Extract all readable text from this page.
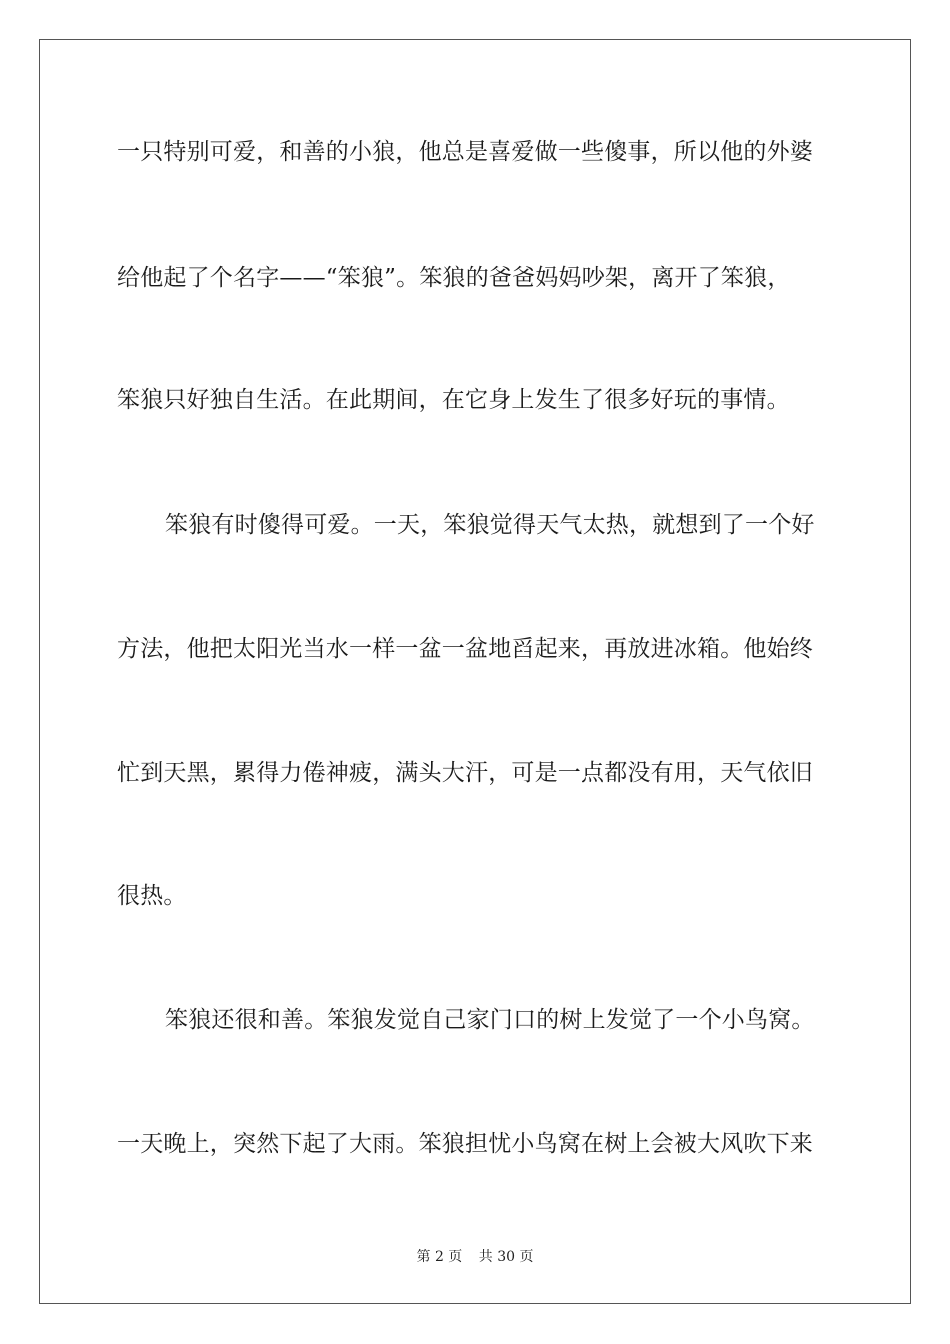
一只特别可爱，和善的小狼，他总是喜爱做一些傻事，所以他的外婆
给他起了个名字——“笨狼”。笨狼的爸爸妈妈吵架，离开了笨狼，
笨狼只好独自生活。在此期间，在它身上发生了很多好玩的事情。
笨狼有时傻得可爱。一天，笨狼觉得天气太热，就想到了一个好
方法，他把太阳光当水一样一盆一盆地舀起来，再放进冰箱。他始终
忙到天黑，累得力倦神疲，满头大汗，可是一点都没有用，天气依旧
很热。
笨狼还很和善。笨狼发觉自己家门口的树上发觉了一个小鸟窝。
一天晚上，突然下起了大雨。笨狼担忧小鸟窝在树上会被大风吹下来
第 2 页 共 30 页
